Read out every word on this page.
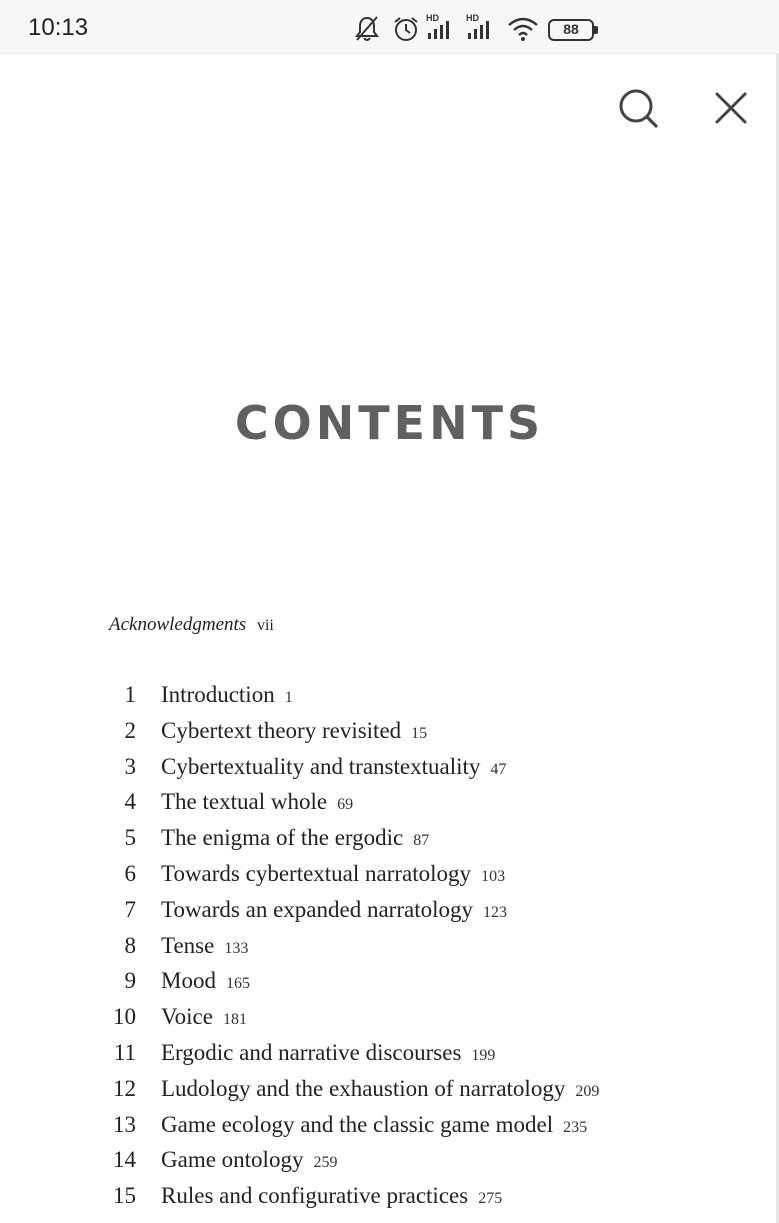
10:13	HD	HD
88
CONTENTS
Acknowledgments vii
1 Introduction 1
2 Cybertext theory revisited 15
3 Cybertextuality and transtextuality 47
4 The textual whole 69
5 The enigma of the ergodic 87
6 Towards cybertextual narratology 103
7 Towards an expanded narratology 123
8 Tense 133
9 Mood 165
10 Voice 181
11 Ergodic and narrative discourses 199
12 Ludology and the exhaustion of narratology 209
13 Game ecology and the classic game model 235
14 Game ontology 259
15 Rules and configurative practices 275
